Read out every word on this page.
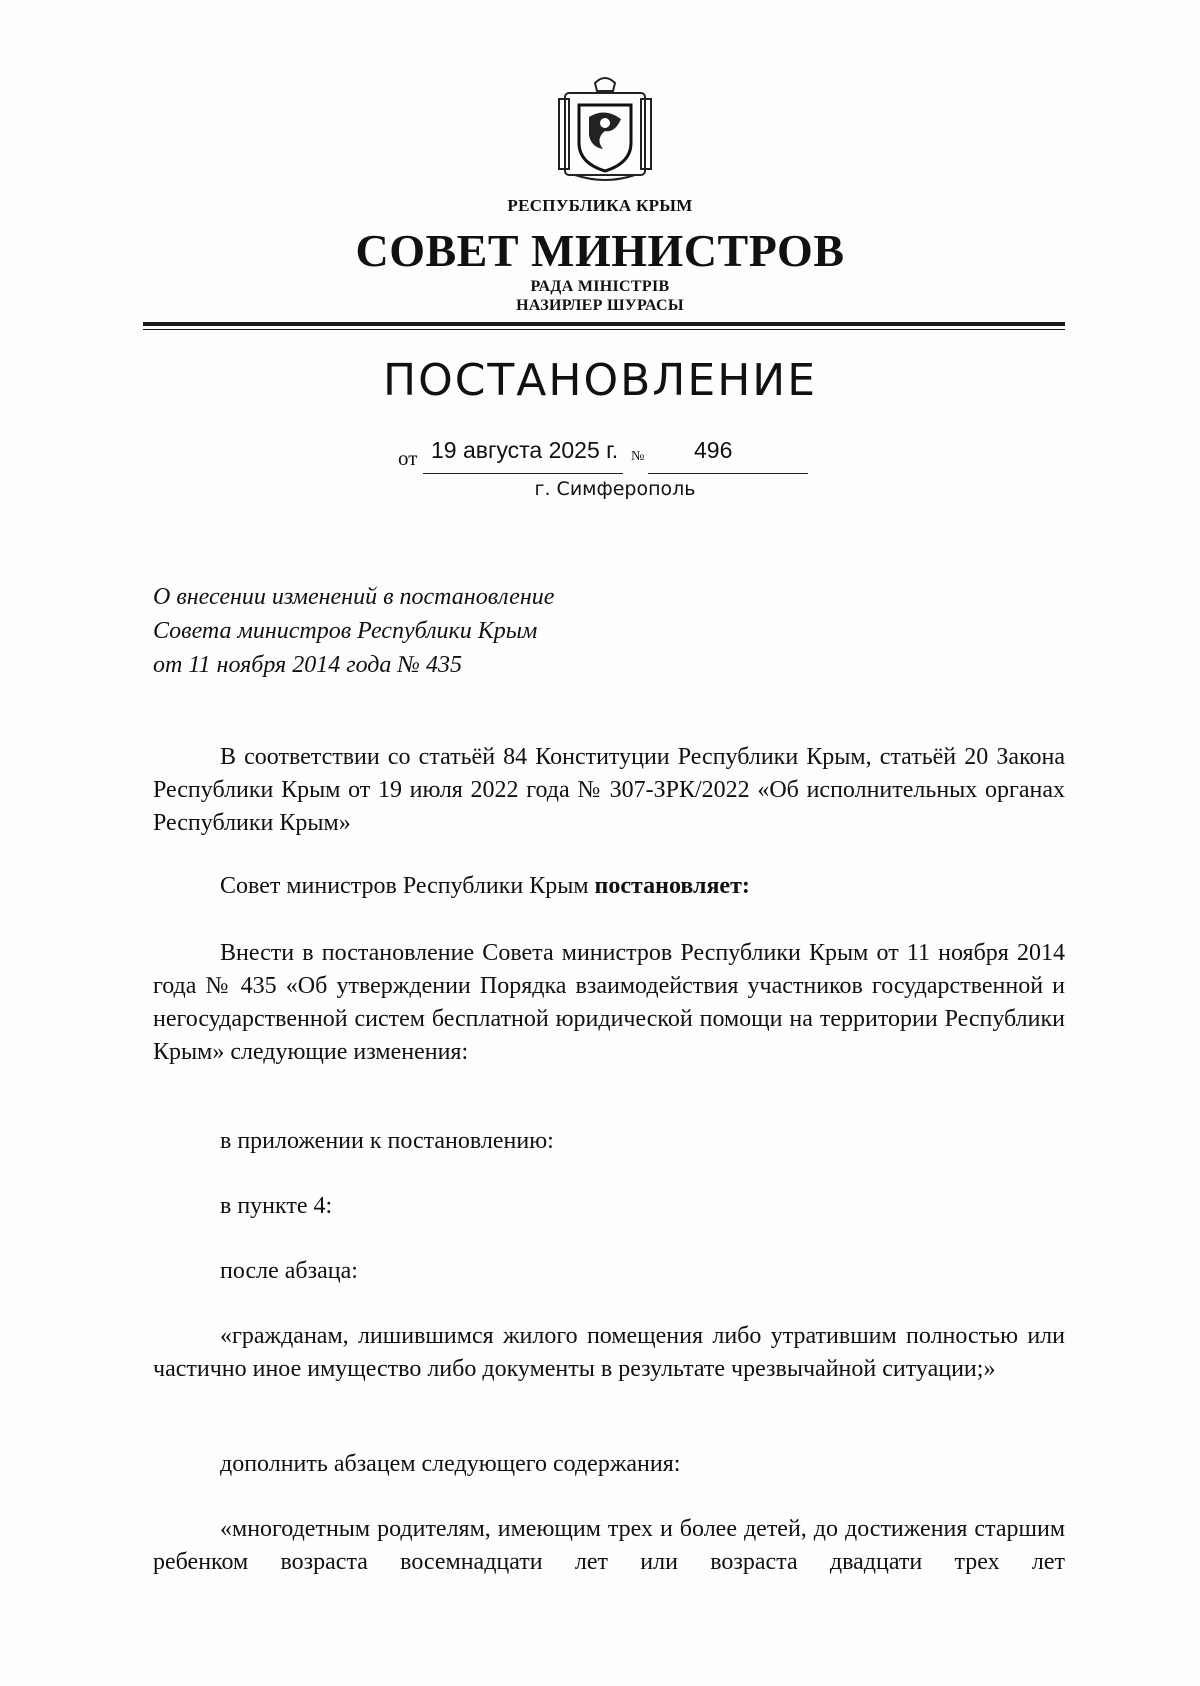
РЕСПУБЛИКА КРЫМ
СОВЕТ МИНИСТРОВ
РАДА МІНІСТРІВ
НАЗИРЛЕР ШУРАСЫ
ПОСТАНОВЛЕНИЕ
от 19 августа 2025 г. № 496
г. Симферополь
О внесении изменений в постановление
Совета министров Республики Крым
от 11 ноября 2014 года № 435
В соответствии со статьёй 84 Конституции Республики Крым, статьёй 20 Закона Республики Крым от 19 июля 2022 года № 307-ЗРК/2022 «Об исполнительных органах Республики Крым»
Совет министров Республики Крым постановляет:
Внести в постановление Совета министров Республики Крым от 11 ноября 2014 года № 435 «Об утверждении Порядка взаимодействия участников государственной и негосударственной систем бесплатной юридической помощи на территории Республики Крым» следующие изменения:
в приложении к постановлению:
в пункте 4:
после абзаца:
«гражданам, лишившимся жилого помещения либо утратившим полностью или частично иное имущество либо документы в результате чрезвычайной ситуации;»
дополнить абзацем следующего содержания:
«многодетным родителям, имеющим трех и более детей, до достижения старшим ребенком возраста восемнадцати лет или возраста двадцати трех лет
